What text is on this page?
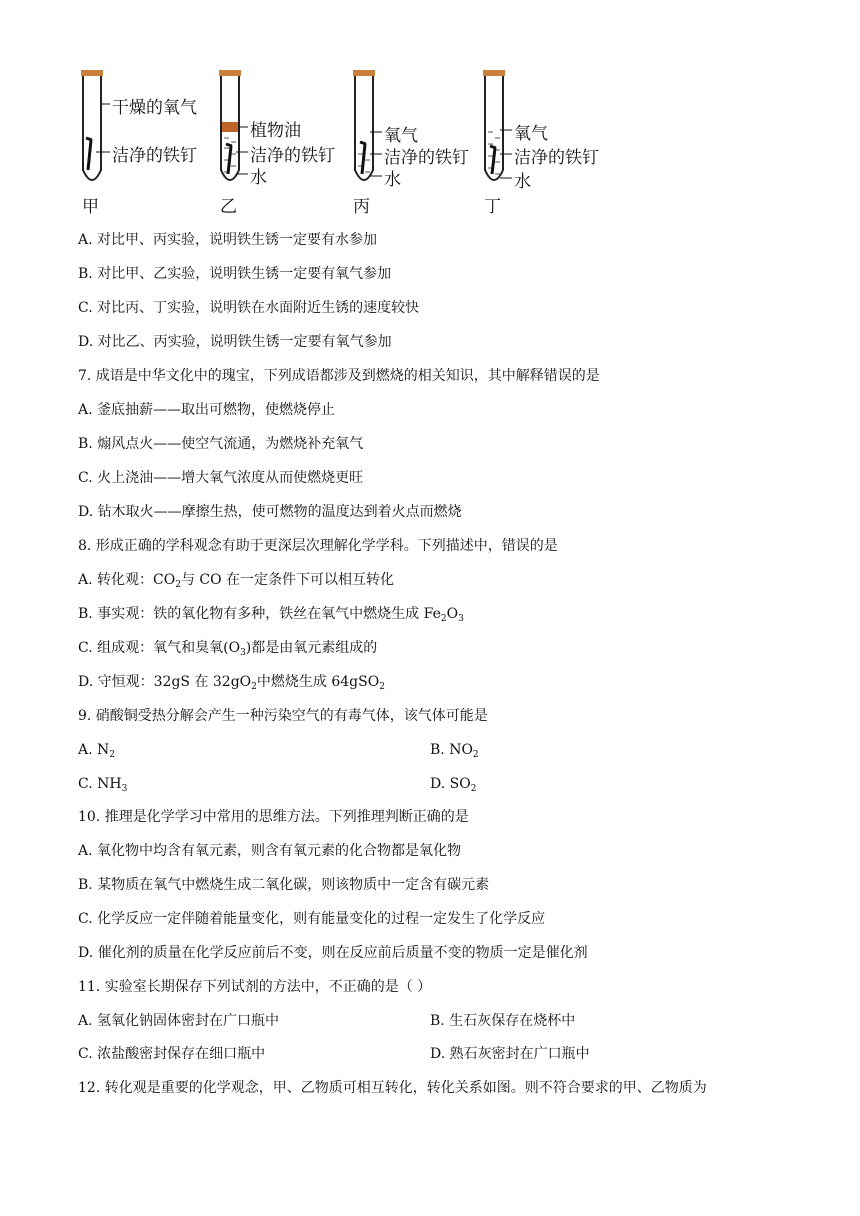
甲	乙	丙	丁
干燥的氧气
洁净的铁钉
植物油
洁净的铁钉
水
氧气
洁净的铁钉
水
氧气
洁净的铁钉
水
A. 对比甲、丙实验，说明铁生锈一定要有水参加
B. 对比甲、乙实验，说明铁生锈一定要有氧气参加
C. 对比丙、丁实验，说明铁在水面附近生锈的速度较快
D. 对比乙、丙实验，说明铁生锈一定要有氧气参加
7. 成语是中华文化中的瑰宝，下列成语都涉及到燃烧的相关知识，其中解释错误的是
A. 釜底抽薪——取出可燃物，使燃烧停止
B. 煽风点火——使空气流通，为燃烧补充氧气
C. 火上浇油——增大氧气浓度从而使燃烧更旺
D. 钻木取火——摩擦生热，使可燃物的温度达到着火点而燃烧
8. 形成正确的学科观念有助于更深层次理解化学学科。下列描述中，错误的是
A. 转化观：$CO_2$与 CO 在一定条件下可以相互转化
B. 事实观：铁的氧化物有多种，铁丝在氧气中燃烧生成 $Fe_2O_3$
C. 组成观：氧气和臭氧$(O_3)$都是由氧元素组成的
D. 守恒观：32gS 在 $32gO_2$中燃烧生成 64gSO$_2$
9. 硝酸铜受热分解会产生一种污染空气的有毒气体，该气体可能是
A. $N_2$	B. $NO_2$
C. $NH_3$	D. $SO_2$
10. 推理是化学学习中常用的思维方法。下列推理判断正确的是
A. 氧化物中均含有氧元素，则含有氧元素的化合物都是氧化物
B. 某物质在氧气中燃烧生成二氧化碳，则该物质中一定含有碳元素
C. 化学反应一定伴随着能量变化，则有能量变化的过程一定发生了化学反应
D. 催化剂的质量在化学反应前后不变，则在反应前后质量不变的物质一定是催化剂
11. 实验室长期保存下列试剂的方法中，不正确的是（ ）
A. 氢氧化钠固体密封在广口瓶中	B. 生石灰保存在烧杯中
C. 浓盐酸密封保存在细口瓶中	D. 熟石灰密封在广口瓶中
12. 转化观是重要的化学观念，甲、乙物质可相互转化，转化关系如图。则不符合要求的甲、乙物质为
